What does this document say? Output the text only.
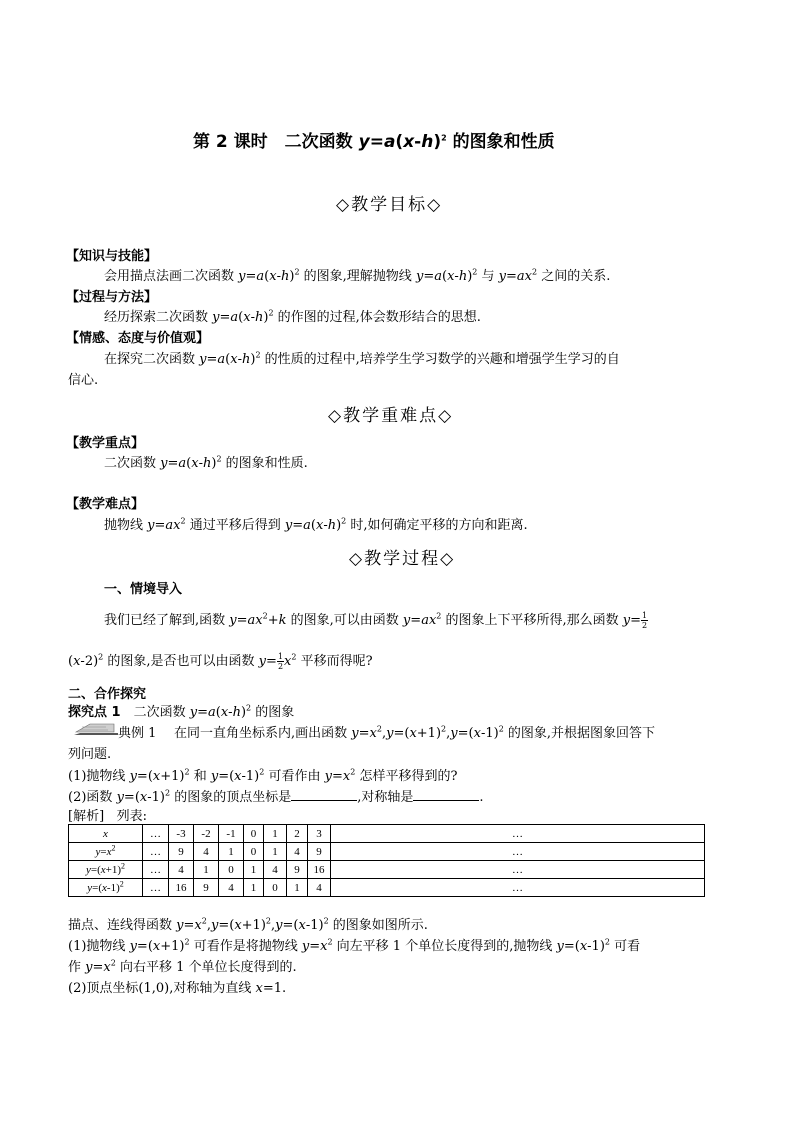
第 2 课时　二次函数 $y=a(x-h)^2$ 的图象和性质
◇教学目标◇
【知识与技能】
会用描点法画二次函数 $y=a(x-h)^2$ 的图象,理解抛物线 $y=a(x-h)^2$ 与 $y=ax^2$ 之间的关系.
【过程与方法】
经历探索二次函数 $y=a(x-h)^2$ 的作图的过程,体会数形结合的思想.
【情感、态度与价值观】
在探究二次函数 $y=a(x-h)^2$ 的性质的过程中,培养学生学习数学的兴趣和增强学生学习的自
信心.
◇教学重难点◇
【教学重点】
二次函数 $y=a(x-h)^2$ 的图象和性质.
【教学难点】
抛物线 $y=ax^2$ 通过平移后得到 $y=a(x-h)^2$ 时,如何确定平移的方向和距离.
◇教学过程◇
一、情境导入
我们已经了解到,函数 $y=ax^2+k$ 的图象,可以由函数 $y=ax^2$ 的图象上下平移所得,那么函数 $y= \frac{1}{2}$
$(x-2)^2$ 的图象,是否也可以由函数 $y= \frac{1}{2} x^2$ 平移而得呢?
二、合作探究
探究点 1　二次函数 $y=a(x-h)^2$ 的图象
典例 1 在同一直角坐标系内,画出函数 $y=x^2,y=(x+1)^2,y=(x-1)^2$ 的图象,并根据图象回答下
列问题.
(1)抛物线 $y=(x+1)^2$ 和 $y=(x-1)^2$ 可看作由 $y=x^2$ 怎样平移得到的?
(2)函数 $y=(x-1)^2$ 的图象的顶点坐标是	,对称轴是	.
[解析] 列表:
x	…	-3	-2	-1	0	1	2	3	…
$y=x^2$	…	9	4	1	0	1	4	9	…
$y=(x+1)^2$	…	4	1	0	1	4	9	16	…
$y=(x-1)^2$	…	16	9	4	1	0	1	4	…
描点、连线得函数 $y=x^2,y=(x+1)^2,y=(x-1)^2$ 的图象如图所示.
(1)抛物线 $y=(x+1)^2$ 可看作是将抛物线 $y=x^2$ 向左平移 1 个单位长度得到的,抛物线 $y=(x-1)^2$ 可看
作 $y=x^2$ 向右平移 1 个单位长度得到的.
(2)顶点坐标(1,0),对称轴为直线 x=1.
